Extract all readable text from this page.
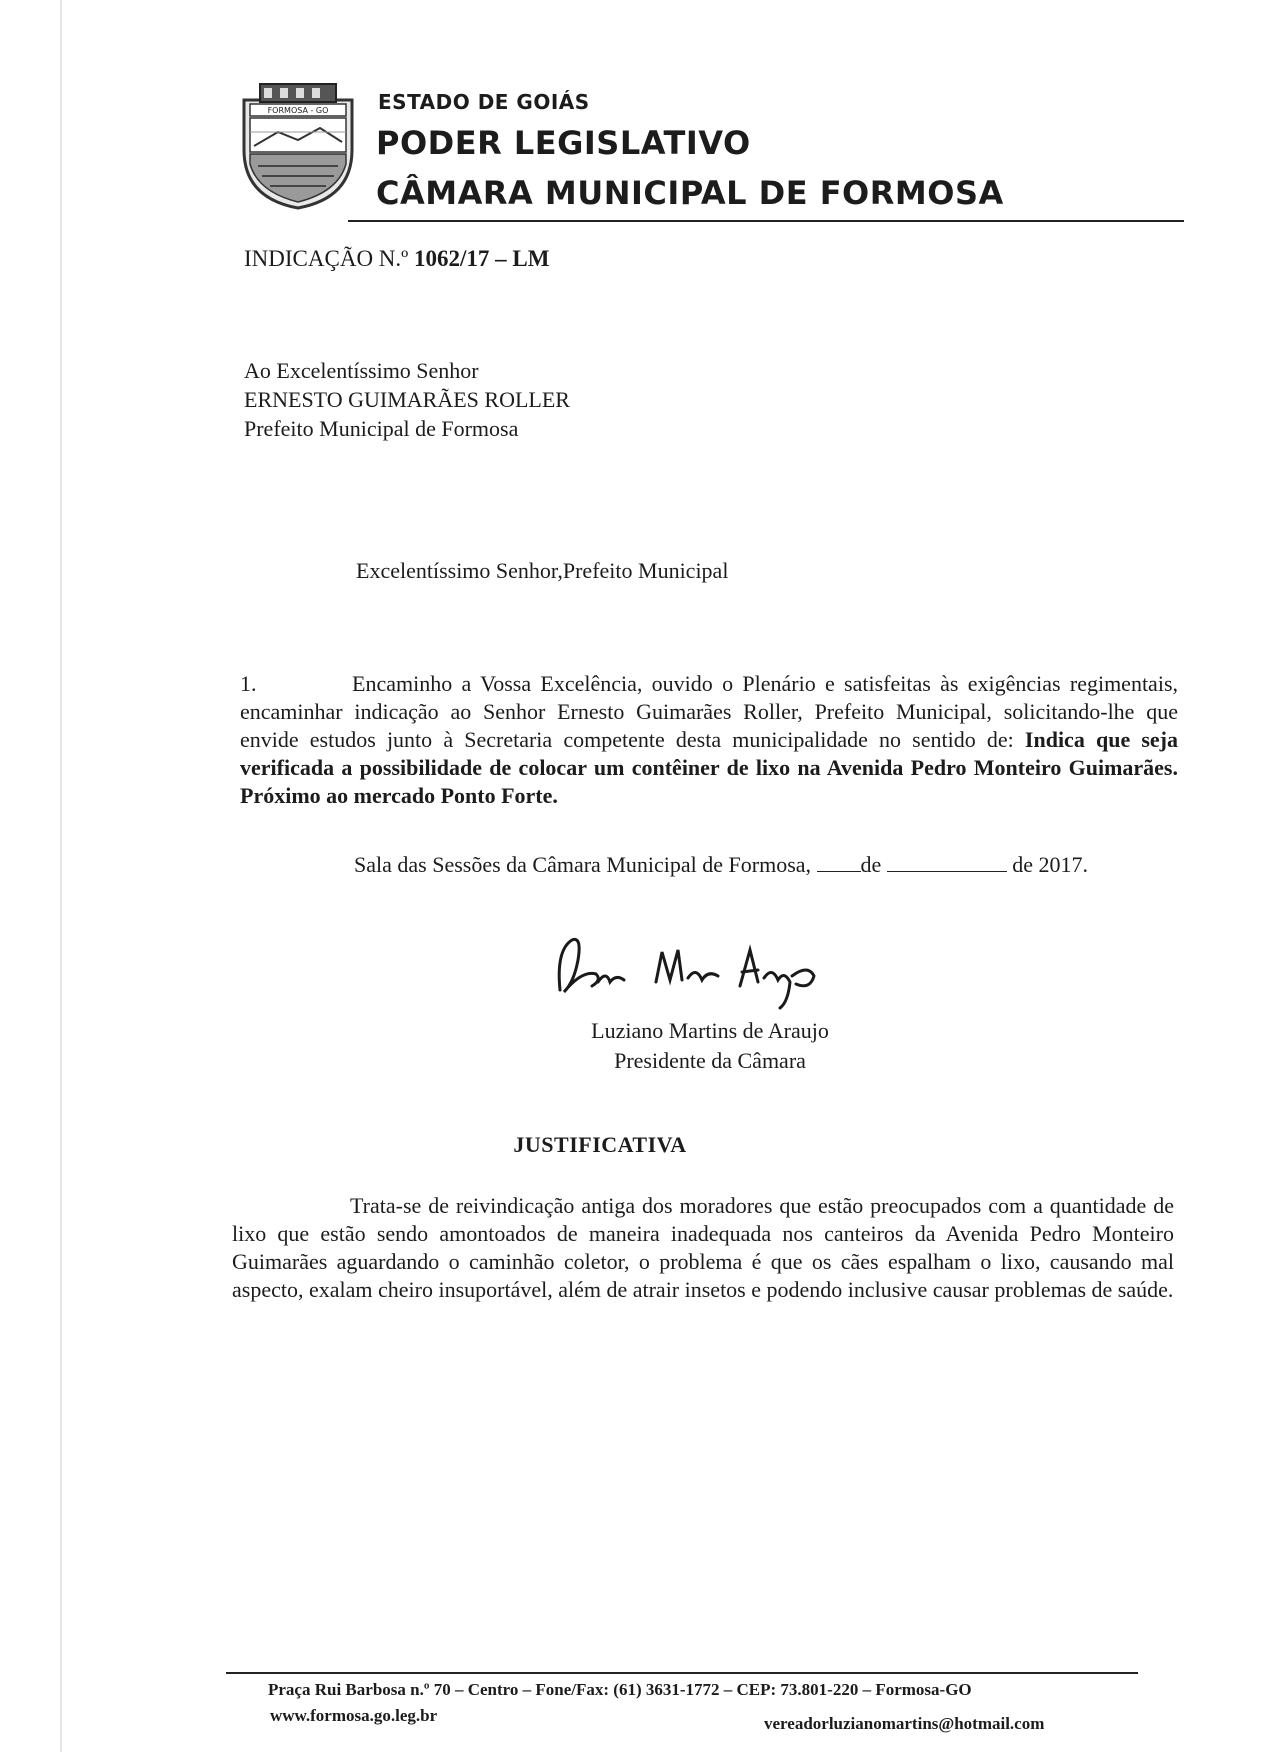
FORMOSA - GO ESTADO DE GOIÁS
PODER LEGISLATIVO
CÂMARA MUNICIPAL DE FORMOSA
INDICAÇÃO N.º 1062/17 – LM
Ao Excelentíssimo Senhor
ERNESTO GUIMARÃES ROLLER
Prefeito Municipal de Formosa
Excelentíssimo Senhor,Prefeito Municipal
1.	Encaminho a Vossa Excelência, ouvido o Plenário e satisfeitas às exigências regimentais, encaminhar indicação ao Senhor Ernesto Guimarães Roller, Prefeito Municipal, solicitando-lhe que envide estudos junto à Secretaria competente desta municipalidade no sentido de: Indica que seja verificada a possibilidade de colocar um contêiner de lixo na Avenida Pedro Monteiro Guimarães. Próximo ao mercado Ponto Forte.
Sala das Sessões da Câmara Municipal de Formosa, de	de 2017.
Luziano Martins de Araujo
Presidente da Câmara
JUSTIFICATIVA
Trata-se de reivindicação antiga dos moradores que estão preocupados com a quantidade de lixo que estão sendo amontoados de maneira inadequada nos canteiros da Avenida Pedro Monteiro Guimarães aguardando o caminhão coletor, o problema é que os cães espalham o lixo, causando mal aspecto, exalam cheiro insuportável, além de atrair insetos e podendo inclusive causar problemas de saúde.
Praça Rui Barbosa n.º 70 – Centro – Fone/Fax: (61) 3631-1772 – CEP: 73.801-220 – Formosa-GO
www.formosa.go.leg.br	vereadorluzianomartins@hotmail.com
